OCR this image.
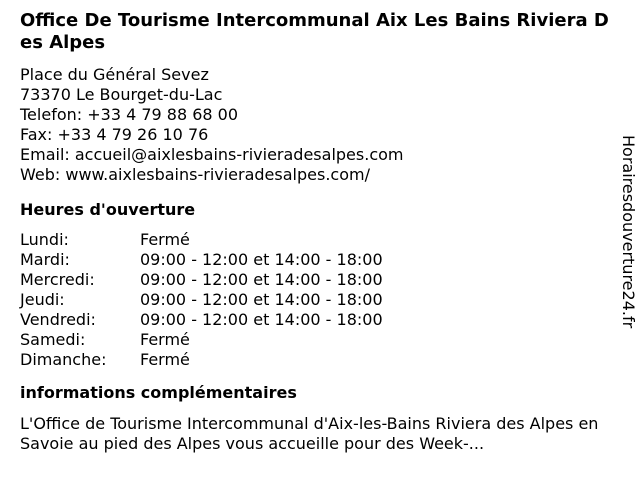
Office De Tourisme Intercommunal Aix Les Bains Riviera Des Alpes
Place du Général Sevez
73370 Le Bourget-du-Lac
Telefon: +33 4 79 88 68 00
Fax: +33 4 79 26 10 76
Email: accueil@aixlesbains-rivieradesalpes.com
Web: www.aixlesbains-rivieradesalpes.com/
Heures d'ouverture
Lundi:	Fermé
Mardi:	09:00 - 12:00 et 14:00 - 18:00
Mercredi:	09:00 - 12:00 et 14:00 - 18:00
Jeudi:	09:00 - 12:00 et 14:00 - 18:00
Vendredi:	09:00 - 12:00 et 14:00 - 18:00
Samedi:	Fermé
Dimanche:	Fermé
informations complémentaires
L'Office de Tourisme Intercommunal d'Aix-les-Bains Riviera des Alpes en Savoie au pied des Alpes vous accueille pour des Week-...
Horairesdouverture24.fr
